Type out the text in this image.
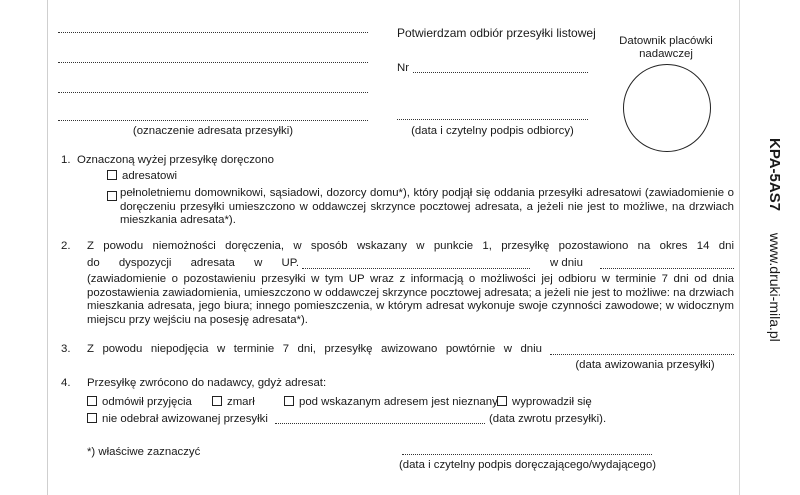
(oznaczenie adresata przesyłki)
Potwierdzam odbiór przesyłki listowej
Nr
(data i czytelny podpis odbiorcy)
Datownik placówki
nadawczej
KPA-5AS7  www.druki-mila.pl
1. Oznaczoną wyżej przesyłkę doręczono
adresatowi
pełnoletniemu domownikowi, sąsiadowi, dozorcy domu*), który podjął się oddania przesyłki adresatowi (zawiadomienie o doręczeniu przesyłki umieszczono w oddawczej skrzynce pocztowej adresata, a jeżeli nie jest to możliwe, na drzwiach mieszkania adresata*).
2. Z powodu niemożności doręczenia, w sposób wskazany w punkcie 1, przesyłkę pozostawiono na okres 14 dni
do dyspozycji adresata w UP.	w dniu
(zawiadomienie o pozostawieniu przesyłki w tym UP wraz z informacją o możliwości jej odbioru w terminie 7 dni od dnia pozostawienia zawiadomienia, umieszczono w oddawczej skrzynce pocztowej adresata; a jeżeli nie jest to możliwe: na drzwiach mieszkania adresata, jego biura; innego pomieszczenia, w którym adresat wykonuje swoje czynności zawodowe; w widocznym miejscu przy wejściu na posesję adresata*).
3. Z powodu niepodjęcia w terminie 7 dni, przesyłkę awizowano powtórnie w dniu
(data awizowania przesyłki)
4. Przesyłkę zwrócono do nadawcy, gdyż adresat:
odmówił przyjęcia	zmarł	pod wskazanym adresem jest nieznany	wyprowadził się
nie odebrał awizowanej przesyłki	(data zwrotu przesyłki).
*) właściwe zaznaczyć
(data i czytelny podpis doręczającego/wydającego)
